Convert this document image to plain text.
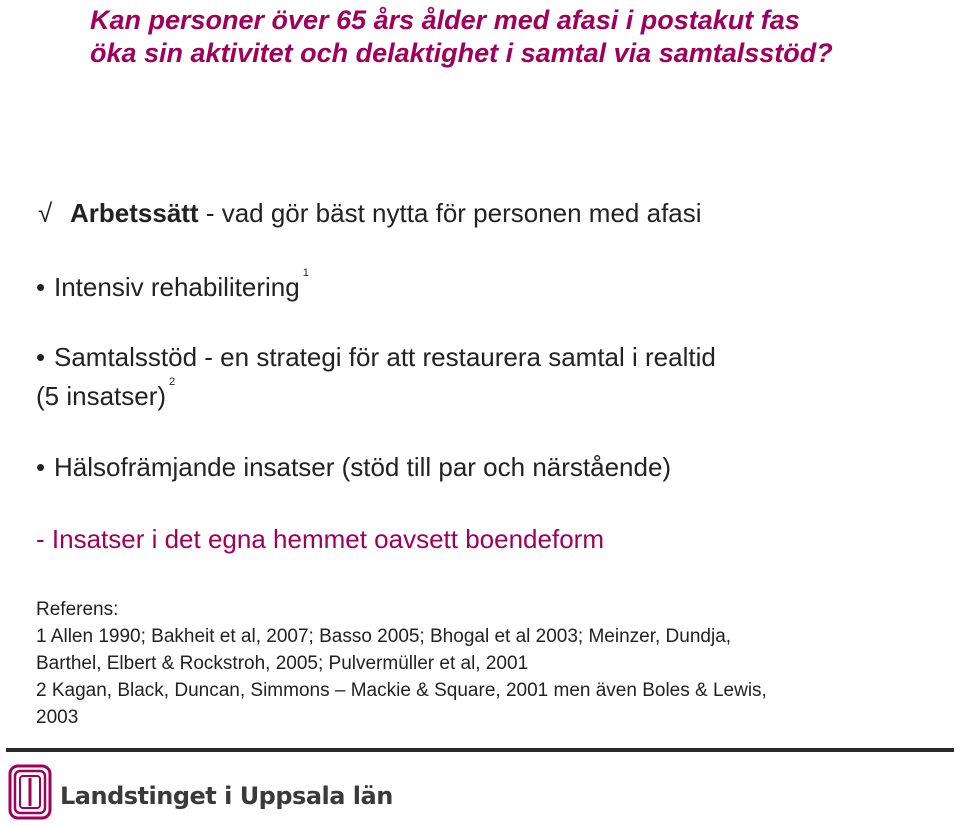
Kan personer över 65 års ålder med afasi i postakut fas
öka sin aktivitet och delaktighet i samtal via samtalsstöd?
√ Arbetssätt - vad gör bäst nytta för personen med afasi
• Intensiv rehabilitering $^1$
• Samtalsstöd - en strategi för att restaurera samtal i realtid
(5 insatser) $^2$
• Hälsofrämjande insatser (stöd till par och närstående)
- Insatser i det egna hemmet oavsett boendeform
Referens:
1 Allen 1990; Bakheit et al, 2007; Basso 2005; Bhogal et al 2003; Meinzer, Dundja,
Barthel, Elbert & Rockstroh, 2005; Pulvermüller et al, 2001
2 Kagan, Black, Duncan, Simmons – Mackie & Square, 2001 men även Boles & Lewis,
2003
Landstinget i Uppsala län
